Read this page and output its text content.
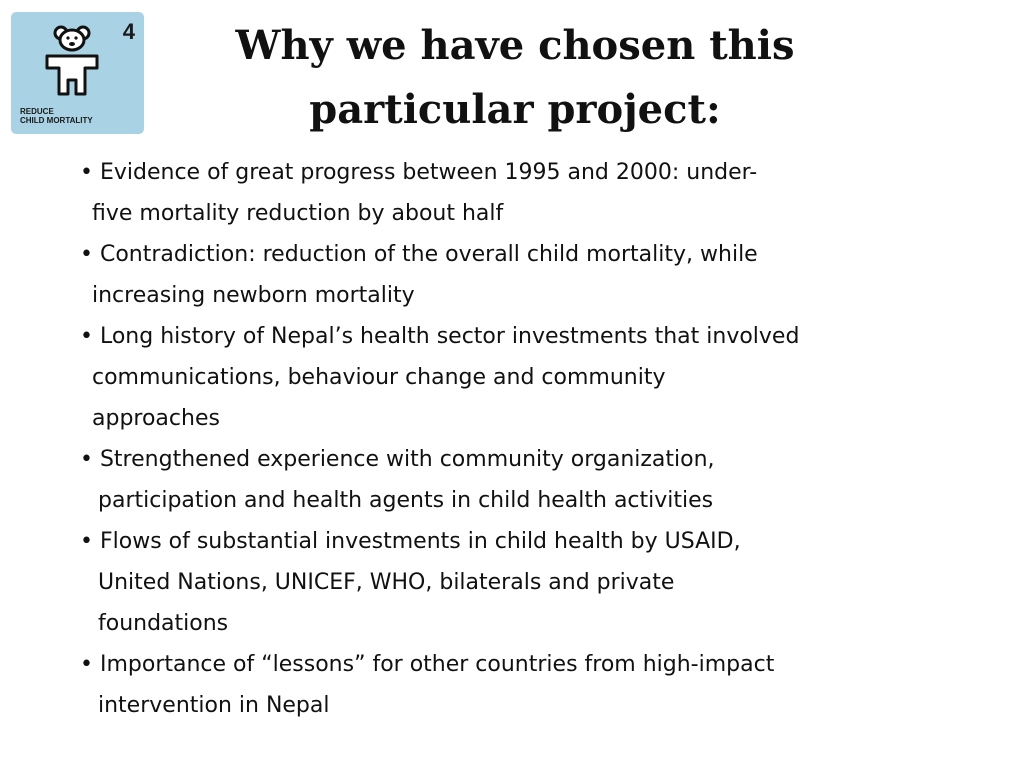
4
REDUCE
CHILD MORTALITY
Why we have chosen this
particular project:
• Evidence of great progress between 1995 and 2000: under-
five mortality reduction by about half
• Contradiction: reduction of the overall child mortality, while
increasing newborn mortality
• Long history of Nepal’s health sector investments that involved
communications, behaviour change and community
approaches
• Strengthened experience with community organization,
participation and health agents in child health activities
• Flows of substantial investments in child health by USAID,
United Nations, UNICEF, WHO, bilaterals and private
foundations
• Importance of “lessons” for other countries from high-impact
intervention in Nepal
